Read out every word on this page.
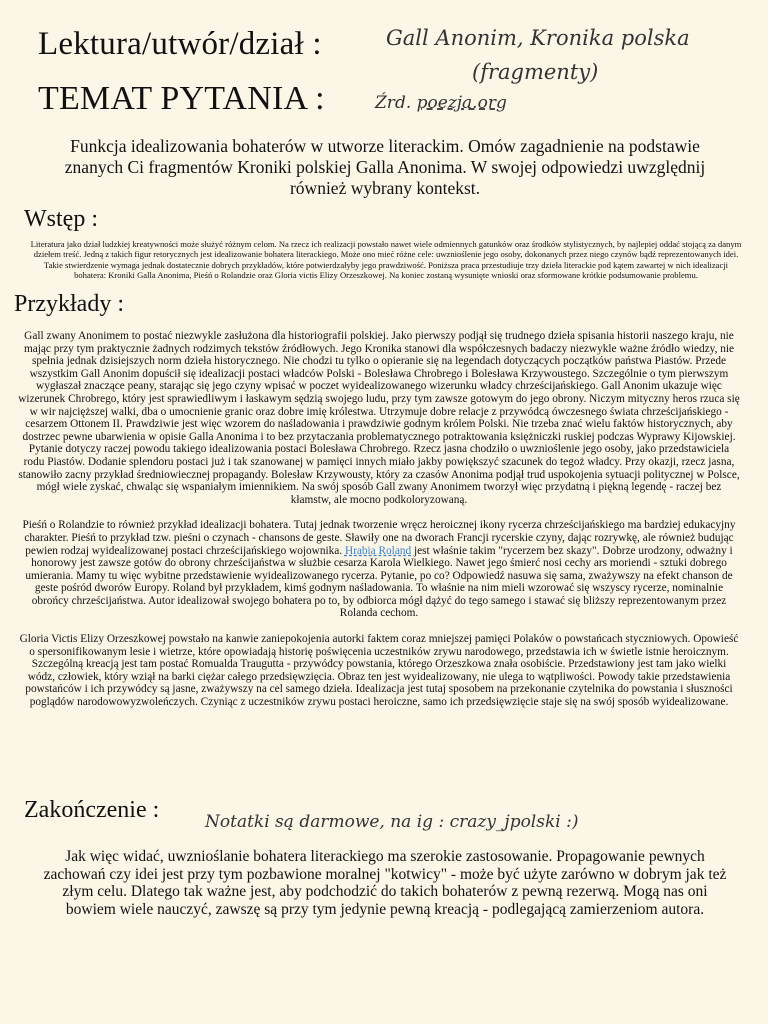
Lektura/utwór/dział :
TEMAT PYTANIA :
Gall Anonim, Kronika polska
(fragmenty)
Źrd. poezja.org
Funkcja idealizowania bohaterów w utworze literackim. Omów zagadnienie na podstawie znanych Ci fragmentów Kroniki polskiej Galla Anonima. W swojej odpowiedzi uwzględnij również wybrany kontekst.
Wstęp :
Literatura jako dział ludzkiej kreatywności może służyć różnym celom. Na rzecz ich realizacji powstało nawet wiele odmiennych gatunków oraz środków stylistycznych, by najlepiej oddać stojącą za danym dziełem treść. Jedną z takich figur retorycznych jest idealizowanie bohatera literackiego. Może ono mieć różne cele: uwznioślenie jego osoby, dokonanych przez niego czynów bądź reprezentowanych idei. Takie stwierdzenie wymaga jednak dostatecznie dobrych przykładów, które potwierdzałyby jego prawdziwość. Poniższa praca przestudiuje trzy dzieła literackie pod kątem zawartej w nich idealizacji bohatera: Kroniki Galla Anonima, Pieśń o Rolandzie oraz Gloria victis Elizy Orzeszkowej. Na koniec zostaną wysunięte wnioski oraz sformowane krótkie podsumowanie problemu.
Przykłady :

Gall zwany Anonimem to postać niezwykle zasłużona dla historiografii polskiej. Jako pierwszy podjął się trudnego dzieła spisania historii naszego kraju, nie mając przy tym praktycznie żadnych rodzimych tekstów źródłowych. Jego Kronika stanowi dla współczesnych badaczy niezwykle ważne źródło wiedzy, nie spełnia jednak dzisiejszych norm dzieła historycznego. Nie chodzi tu tylko o opieranie się na legendach dotyczących początków państwa Piastów. Przede wszystkim Gall Anonim dopuścił się idealizacji postaci władców Polski - Bolesława Chrobrego i Bolesława Krzywoustego. Szczególnie o tym pierwszym wygłaszał znaczące peany, starając się jego czyny wpisać w poczet wyidealizowanego wizerunku władcy chrześcijańskiego. Gall Anonim ukazuje więc wizerunek Chrobrego, który jest sprawiedliwym i łaskawym sędzią swojego ludu, przy tym zawsze gotowym do jego obrony. Niczym mityczny heros rzuca się w wir najcięższej walki, dba o umocnienie granic oraz dobre imię królestwa. Utrzymuje dobre relacje z przywódcą ówczesnego świata chrześcijańskiego - cesarzem Ottonem II. Prawdziwie jest więc wzorem do naśladowania i prawdziwie godnym królem Polski. Nie trzeba znać wielu faktów historycznych, aby dostrzec pewne ubarwienia w opisie Galla Anonima i to bez przytaczania problematycznego potraktowania księżniczki ruskiej podczas Wyprawy Kijowskiej. Pytanie dotyczy raczej powodu takiego idealizowania postaci Bolesława Chrobrego. Rzecz jasna chodziło o uwznioślenie jego osoby, jako przedstawiciela rodu Piastów. Dodanie splendoru postaci już i tak szanowanej w pamięci innych miało jakby powiększyć szacunek do tegoż władcy. Przy okazji, rzecz jasna, stanowiło zacny przykład średniowiecznej propagandy. Bolesław Krzywousty, który za czasów Anonima podjął trud uspokojenia sytuacji politycznej w Polsce, mógł wiele zyskać, chwaląc się wspaniałym imiennikiem. Na swój sposób Gall zwany Anonimem tworzył więc przydatną i piękną legendę - raczej bez kłamstw, ale mocno podkoloryzowaną.

Pieśń o Rolandzie to również przykład idealizacji bohatera. Tutaj jednak tworzenie wręcz heroicznej ikony rycerza chrześcijańskiego ma bardziej edukacyjny charakter. Pieśń to przykład tzw. pieśni o czynach - chansons de geste. Sławiły one na dworach Francji rycerskie czyny, dając rozrywkę, ale również budując pewien rodzaj wyidealizowanej postaci chrześcijańskiego wojownika. Hrabia Roland jest właśnie takim "rycerzem bez skazy". Dobrze urodzony, odważny i honorowy jest zawsze gotów do obrony chrześcijaństwa w służbie cesarza Karola Wielkiego. Nawet jego śmierć nosi cechy ars moriendi - sztuki dobrego umierania. Mamy tu więc wybitne przedstawienie wyidealizowanego rycerza. Pytanie, po co? Odpowiedź nasuwa się sama, zważywszy na efekt chanson de geste pośród dworów Europy. Roland był przykładem, kimś godnym naśladowania. To właśnie na nim mieli wzorować się wszyscy rycerze, nominalnie obrońcy chrześcijaństwa. Autor idealizował swojego bohatera po to, by odbiorca mógł dążyć do tego samego i stawać się bliższy reprezentowanym przez Rolanda cechom.

Gloria Victis Elizy Orzeszkowej powstało na kanwie zaniepokojenia autorki faktem coraz mniejszej pamięci Polaków o powstańcach styczniowych. Opowieść o spersonifikowanym lesie i wietrze, które opowiadają historię poświęcenia uczestników zrywu narodowego, przedstawia ich w świetle istnie heroicznym. Szczególną kreacją jest tam postać Romualda Traugutta - przywódcy powstania, którego Orzeszkowa znała osobiście. Przedstawiony jest tam jako wielki wódz, człowiek, który wziął na barki ciężar całego przedsięwzięcia. Obraz ten jest wyidealizowany, nie ulega to wątpliwości. Powody takie przedstawienia powstańców i ich przywódcy są jasne, zważywszy na cel samego dzieła. Idealizacja jest tutaj sposobem na przekonanie czytelnika do powstania i słuszności poglądów narodowowyzwoleńczych. Czyniąc z uczestników zrywu postaci heroiczne, samo ich przedsięwzięcie staje się na swój sposób wyidealizowane.

Zakończenie :	Notatki są darmowe, na ig : crazy_jpolski :)
Jak więc widać, uwznioślanie bohatera literackiego ma szerokie zastosowanie. Propagowanie pewnych zachowań czy idei jest przy tym pozbawione moralnej "kotwicy" - może być użyte zarówno w dobrym jak też złym celu. Dlatego tak ważne jest, aby podchodzić do takich bohaterów z pewną rezerwą. Mogą nas oni bowiem wiele nauczyć, zawszę są przy tym jedynie pewną kreacją - podlegającą zamierzeniom autora.
